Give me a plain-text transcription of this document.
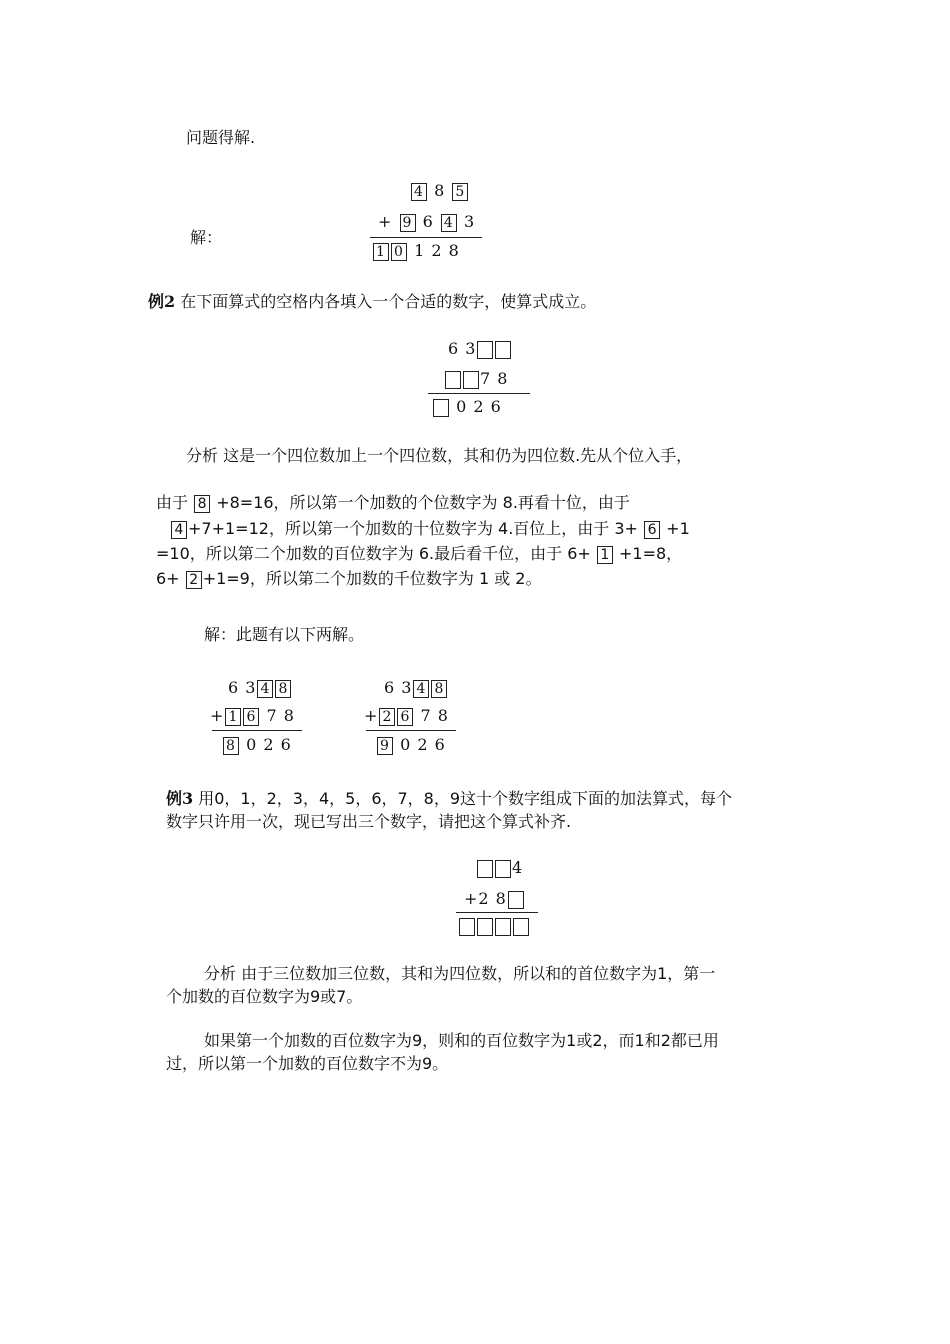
问题得解.
解：
4 8 5
+ 9 6 4 3
1 0 1 2 8
例2 在下面算式的空格内各填入一个合适的数字，使算式成立。
6 3
7 8
0 2 6
分析 这是一个四位数加上一个四位数，其和仍为四位数.先从个位入手，
由于 8 +8=16，所以第一个加数的个位数字为 8.再看十位，由于
4 +7+1=12，所以第一个加数的十位数字为 4.百位上，由于 3+ 6 +1
=10，所以第二个加数的百位数字为 6.最后看千位，由于 6+ 1 +1=8，
6+ 2 +1=9，所以第二个加数的千位数字为 1 或 2。
解：此题有以下两解。
6 3 4 8
+ 1 6 7 8
8 0 2 6
6 3 4 8
+ 2 6 7 8
9 0 2 6
例3 用0，1，2，3，4，5，6，7，8，9这十个数字组成下面的加法算式，每个
数字只许用一次，现已写出三个数字，请把这个算式补齐.
4
+2 8
分析 由于三位数加三位数，其和为四位数，所以和的首位数字为1，第一
个加数的百位数字为9或7。
如果第一个加数的百位数字为9，则和的百位数字为1或2，而1和2都已用
过，所以第一个加数的百位数字不为9。
